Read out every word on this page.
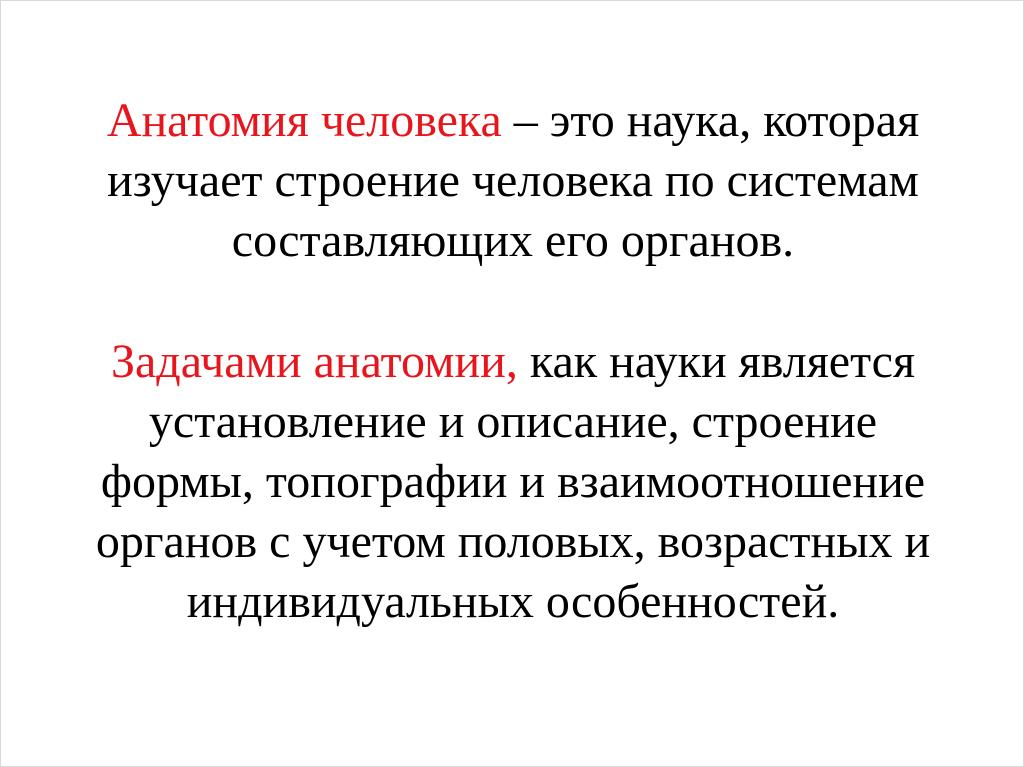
Анатомия человека – это наука, которая
изучает строение человека по системам
составляющих его органов.

Задачами анатомии, как науки является
установление и описание, строение
формы, топографии и взаимоотношение
органов с учетом половых, возрастных и
индивидуальных особенностей.
